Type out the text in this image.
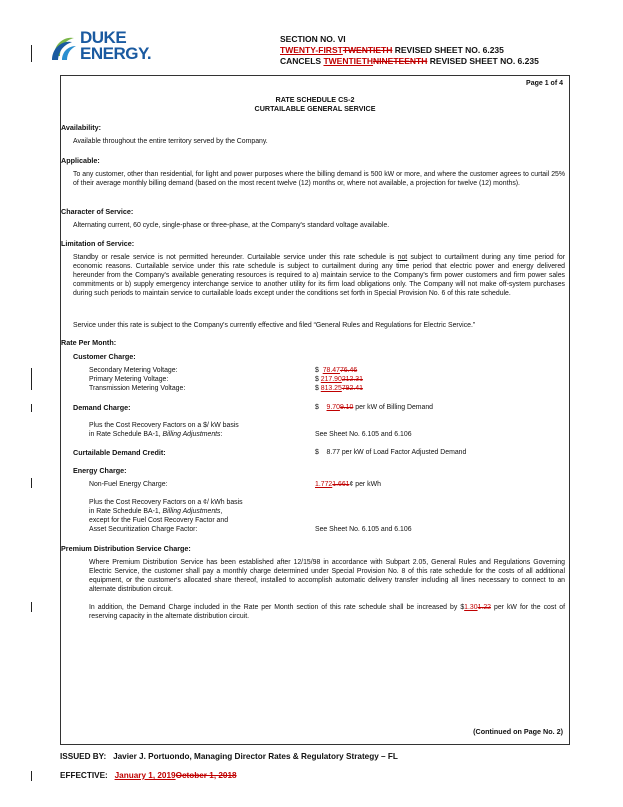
DUKE
ENERGY.
SECTION NO. VI
TWENTY-FIRSTTWENTIETH REVISED SHEET NO. 6.235
CANCELS TWENTIETHNINETEENTH REVISED SHEET NO. 6.235
Page 1 of 4
RATE SCHEDULE CS-2
CURTAILABLE GENERAL SERVICE
Availability:
Available throughout the entire territory served by the Company.
Applicable:
To any customer, other than residential, for light and power purposes where the billing demand is 500 kW or more, and where the customer agrees to curtail 25% of their average monthly billing demand (based on the most recent twelve (12) months or, where not available, a projection for twelve (12) months).
Character of Service:
Alternating current, 60 cycle, single-phase or three-phase, at the Company's standard voltage available.
Limitation of Service:
Standby or resale service is not permitted hereunder. Curtailable service under this rate schedule is not subject to curtailment during any time period for economic reasons. Curtailable service under this rate schedule is subject to curtailment during any time period that electric power and energy delivered hereunder from the Company's available generating resources is required to a) maintain service to the Company's firm power customers and firm power sales commitments or b) supply emergency interchange service to another utility for its firm load obligations only. The Company will not make off-system purchases during such periods to maintain service to curtailable loads except under the conditions set forth in Special Provision No. 6 of this rate schedule.
Service under this rate is subject to the Company's currently effective and filed “General Rules and Regulations for Electric Service.”
Rate Per Month:
Customer Charge:
Secondary Metering Voltage:	$ 78.4776.46
Primary Metering Voltage:	$ 217.90212.31
Transmission Metering Voltage:	$ 813.25792.41
Demand Charge:	$ 9.709.10 per kW of Billing Demand
Plus the Cost Recovery Factors on a $/ kW basis
in Rate Schedule BA-1, Billing Adjustments:	See Sheet No. 6.105 and 6.106
Curtailable Demand Credit:	$ 8.77 per kW of Load Factor Adjusted Demand
Energy Charge:
Non-Fuel Energy Charge:	1.7721.661¢ per kWh
Plus the Cost Recovery Factors on a ¢/ kWh basis
in Rate Schedule BA-1, Billing Adjustments,
except for the Fuel Cost Recovery Factor and
Asset Securitization Charge Factor:	See Sheet No. 6.105 and 6.106
Premium Distribution Service Charge:
Where Premium Distribution Service has been established after 12/15/98 in accordance with Subpart 2.05, General Rules and Regulations Governing Electric Service, the customer shall pay a monthly charge determined under Special Provision No. 8 of this rate schedule for the costs of all additional equipment, or the customer's allocated share thereof, installed to accomplish automatic delivery transfer including all lines necessary to connect to an alternate distribution circuit.
In addition, the Demand Charge included in the Rate per Month section of this rate schedule shall be increased by $1.301.22 per kW for the cost of reserving capacity in the alternate distribution circuit.
(Continued on Page No. 2)
ISSUED BY: Javier J. Portuondo, Managing Director Rates & Regulatory Strategy – FL
EFFECTIVE: January 1, 2019October 1, 2018
